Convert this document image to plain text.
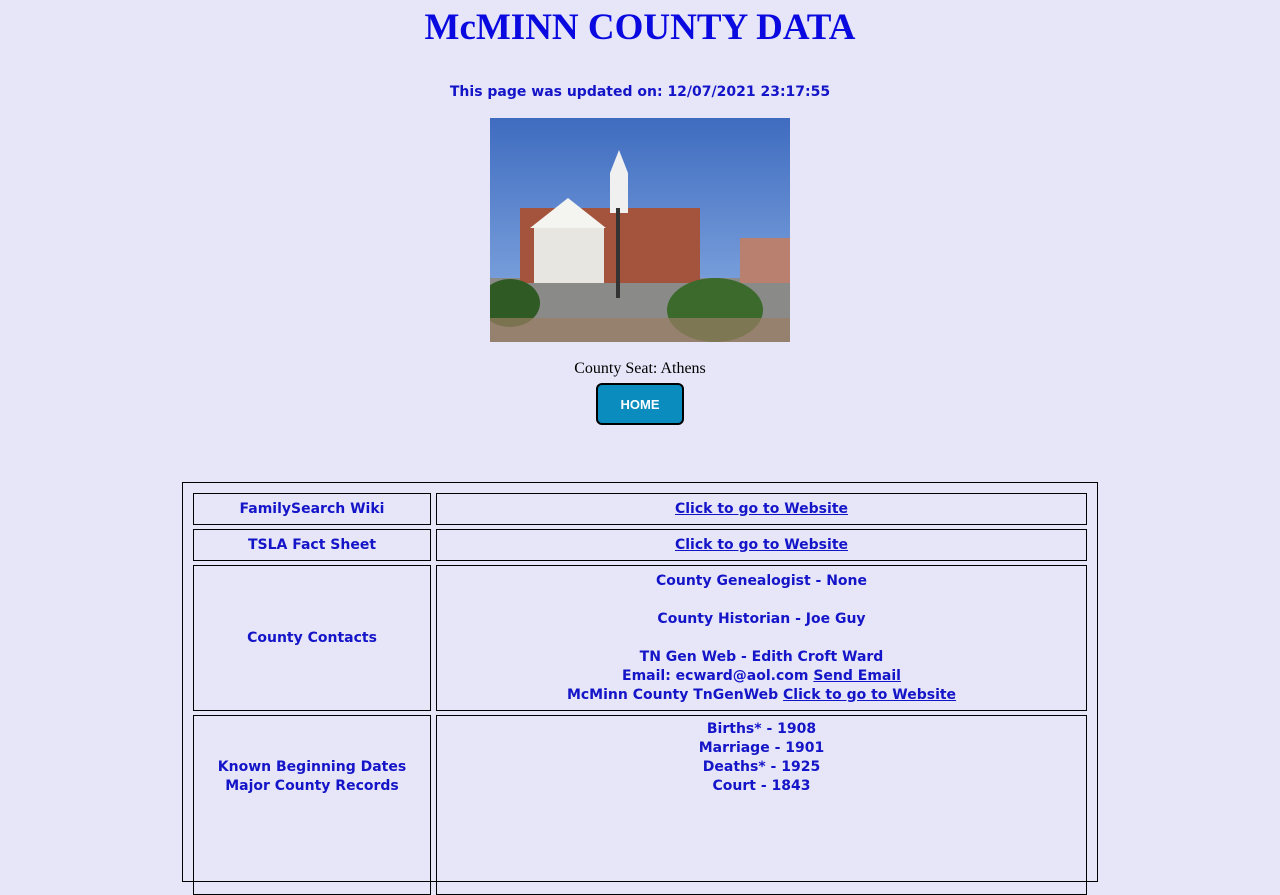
McMINN COUNTY DATA
This page was updated on: 12/07/2021 23:17:55
County Seat: Athens
HOME
FamilySearch Wiki	Click to go to Website
TSLA Fact Sheet	Click to go to Website
County Contacts
County Genealogist - None
County Historian - Joe Guy
TN Gen Web - Edith Croft Ward
Email: ecward@aol.com Send Email
McMinn County TnGenWeb Click to go to Website
Known Beginning Dates
Major County Records
Births* - 1908
Marriage - 1901
Deaths* - 1925
Court - 1843
